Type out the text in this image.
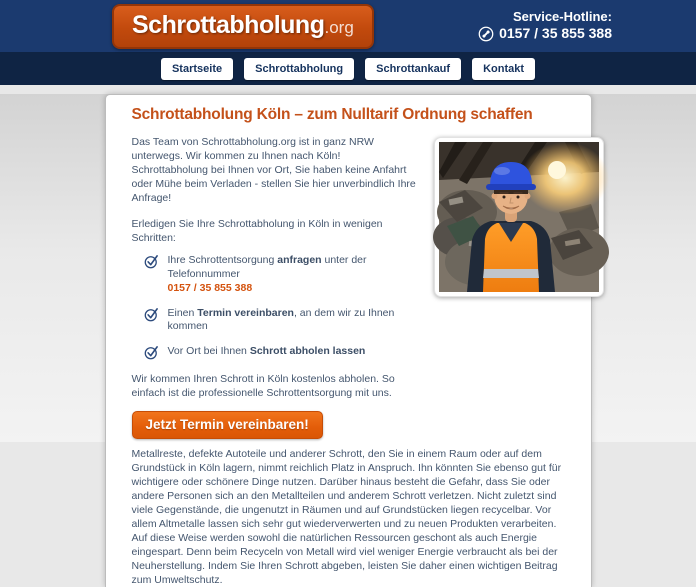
Schrottabholung.org
Service-Hotline:
0157 / 35 855 388
Startseite	Schrottabholung	Schrottankauf	Kontakt
Schrottabholung Köln – zum Nulltarif Ordnung schaffen

Das Team von Schrottabholung.org ist in ganz NRW unterwegs. Wir kommen zu Ihnen nach Köln! Schrottabholung bei Ihnen vor Ort, Sie haben keine Anfahrt oder Mühe beim Verladen - stellen Sie hier unverbindlich Ihre Anfrage!

Erledigen Sie Ihre Schrottabholung in Köln in wenigen Schritten:

Ihre Schrottentsorgung anfragen unter der Telefonnummer
0157 / 35 855 388
Einen Termin vereinbaren, an dem wir zu Ihnen kommen
Vor Ort bei Ihnen Schrott abholen lassen

Wir kommen Ihren Schrott in Köln kostenlos abholen. So einfach ist die professionelle Schrottentsorgung mit uns.

Jetzt Termin vereinbaren!

Metallreste, defekte Autoteile und anderer Schrott, den Sie in einem Raum oder auf dem Grundstück in Köln lagern, nimmt reichlich Platz in Anspruch. Ihn könnten Sie ebenso gut für wichtigere oder schönere Dinge nutzen. Darüber hinaus besteht die Gefahr, dass Sie oder andere Personen sich an den Metallteilen und anderem Schrott verletzen. Nicht zuletzt sind viele Gegenstände, die ungenutzt in Räumen und auf Grundstücken liegen recycelbar. Vor allem Altmetalle lassen sich sehr gut wiederverwerten und zu neuen Produkten verarbeiten. Auf diese Weise werden sowohl die natürlichen Ressourcen geschont als auch Energie eingespart. Denn beim Recyceln von Metall wird viel weniger Energie verbraucht als bei der Neuherstellung. Indem Sie Ihren Schrott abgeben, leisten Sie daher einen wichtigen Beitrag zum Umweltschutz.
